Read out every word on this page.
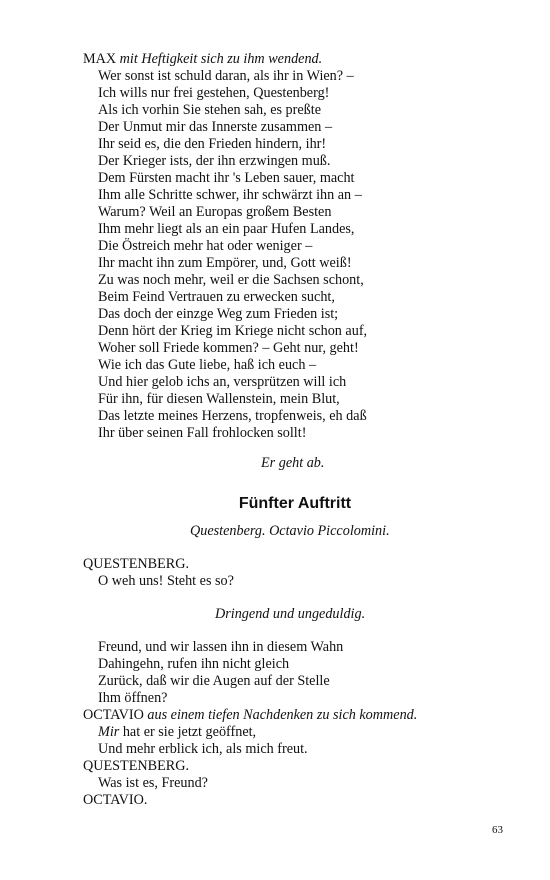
MAX mit Heftigkeit sich zu ihm wendend.
Wer sonst ist schuld daran, als ihr in Wien? –
Ich wills nur frei gestehen, Questenberg!
Als ich vorhin Sie stehen sah, es preßte
Der Unmut mir das Innerste zusammen –
Ihr seid es, die den Frieden hindern, ihr!
Der Krieger ists, der ihn erzwingen muß.
Dem Fürsten macht ihr 's Leben sauer, macht
Ihm alle Schritte schwer, ihr schwärzt ihn an –
Warum? Weil an Europas großem Besten
Ihm mehr liegt als an ein paar Hufen Landes,
Die Östreich mehr hat oder weniger –
Ihr macht ihn zum Empörer, und, Gott weiß!
Zu was noch mehr, weil er die Sachsen schont,
Beim Feind Vertrauen zu erwecken sucht,
Das doch der einzge Weg zum Frieden ist;
Denn hört der Krieg im Kriege nicht schon auf,
Woher soll Friede kommen? – Geht nur, geht!
Wie ich das Gute liebe, haß ich euch –
Und hier gelob ichs an, versprützen will ich
Für ihn, für diesen Wallenstein, mein Blut,
Das letzte meines Herzens, tropfenweis, eh daß
Ihr über seinen Fall frohlocken sollt!
Er geht ab.
Fünfter Auftritt
Questenberg. Octavio Piccolomini.
QUESTENBERG.
O weh uns! Steht es so?
Dringend und ungeduldig.
Freund, und wir lassen ihn in diesem Wahn
Dahingehn, rufen ihn nicht gleich
Zurück, daß wir die Augen auf der Stelle
Ihm öffnen?
OCTAVIO aus einem tiefen Nachdenken zu sich kommend.
Mir hat er sie jetzt geöffnet,
Und mehr erblick ich, als mich freut.
QUESTENBERG.
Was ist es, Freund?
OCTAVIO.
63
